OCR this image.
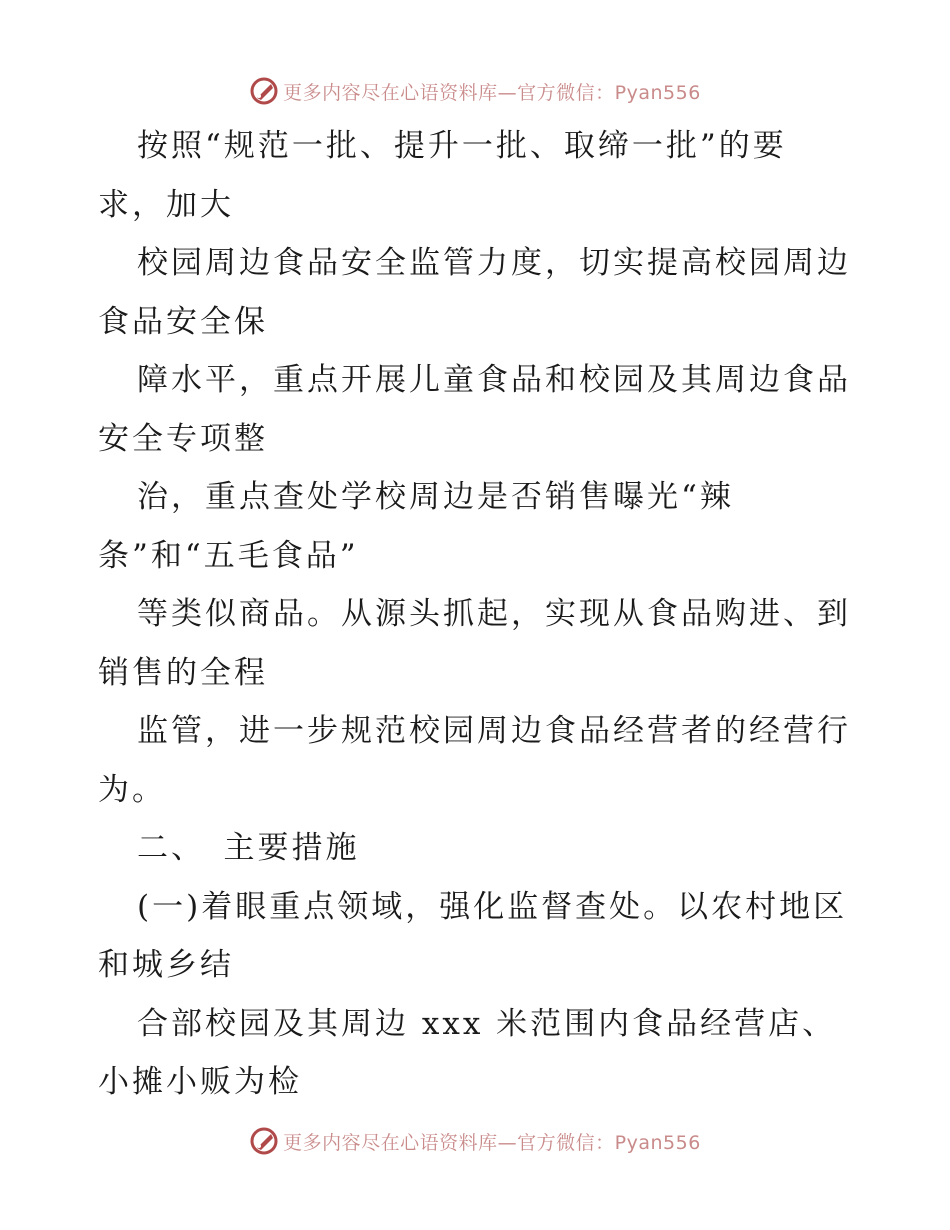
更多内容尽在心语资料库—官方微信：Pyan556
按照“规范一批、提升一批、取缔一批”的要
求，加大
校园周边食品安全监管力度，切实提高校园周边
食品安全保
障水平，重点开展儿童食品和校园及其周边食品
安全专项整
治，重点查处学校周边是否销售曝光“辣
条”和“五毛食品”
等类似商品。从源头抓起，实现从食品购进、到
销售的全程
监管，进一步规范校园周边食品经营者的经营行
为。
二、　主要措施
(一)着眼重点领域，强化监督查处。以农村地区
和城乡结
合部校园及其周边 xxx 米范围内食品经营店、
小摊小贩为检
更多内容尽在心语资料库—官方微信：Pyan556
